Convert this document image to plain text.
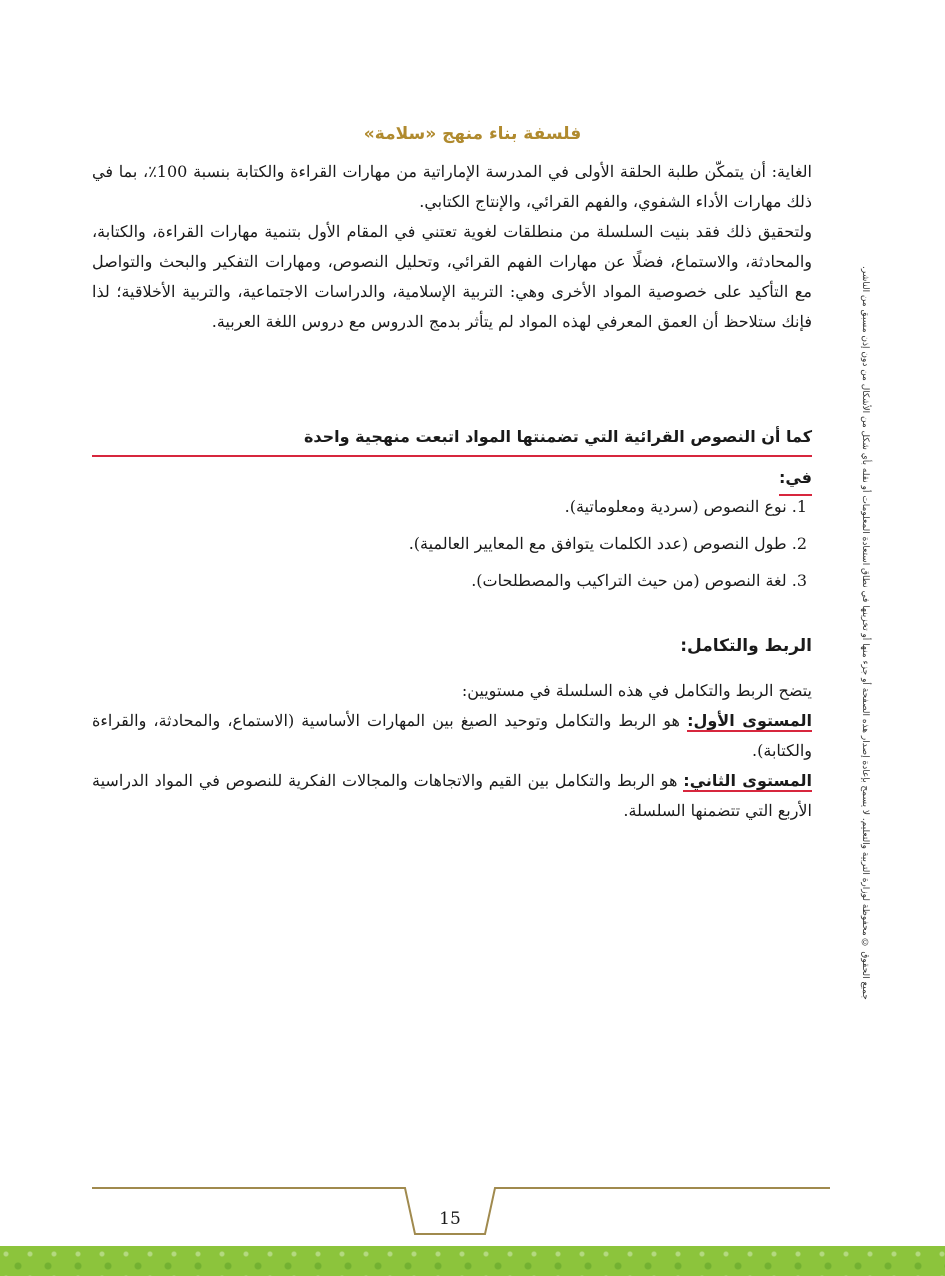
فلسفة بناء منهج «سلامة»

الغاية: أن يتمكّن طلبة الحلقة الأولى في المدرسة الإماراتية من مهارات القراءة والكتابة بنسبة 100٪، بما في ذلك مهارات الأداء الشفوي، والفهم القرائي، والإنتاج الكتابي.

ولتحقيق ذلك فقد بنيت السلسلة من منطلقات لغوية تعتني في المقام الأول بتنمية مهارات القراءة، والكتابة، والمحادثة، والاستماع، فضلًا عن مهارات الفهم القرائي، وتحليل النصوص، ومهارات التفكير والبحث والتواصل مع التأكيد على خصوصية المواد الأخرى وهي: التربية الإسلامية، والدراسات الاجتماعية، والتربية الأخلاقية؛ لذا فإنك ستلاحظ أن العمق المعرفي لهذه المواد لم يتأثر بدمج الدروس مع دروس اللغة العربية.

كما أن النصوص القرائية التي تضمنتها المواد اتبعت منهجية واحدة
في:
1. نوع النصوص (سردية ومعلوماتية).
2. طول النصوص (عدد الكلمات يتوافق مع المعايير العالمية).
3. لغة النصوص (من حيث التراكيب والمصطلحات).
الربط والتكامل:

يتضح الربط والتكامل في هذه السلسلة في مستويين:

المستوى الأول: هو الربط والتكامل وتوحيد الصيغ بين المهارات الأساسية (الاستماع، والمحادثة، والقراءة والكتابة).

المستوى الثاني: هو الربط والتكامل بين القيم والاتجاهات والمجالات الفكرية للنصوص في المواد الدراسية الأربع التي تتضمنها السلسلة.	جميع الحقوق © محفوظة لوزارة التربية والتعليم. لا يسمح بإعادة إصدار هذه الصفحة أو جزء منها أو تخزينها في نطاق استعادة المعلومات أو نقله بأي شكل من الأشكال من دون إذن مسبق من الناشر.
15
